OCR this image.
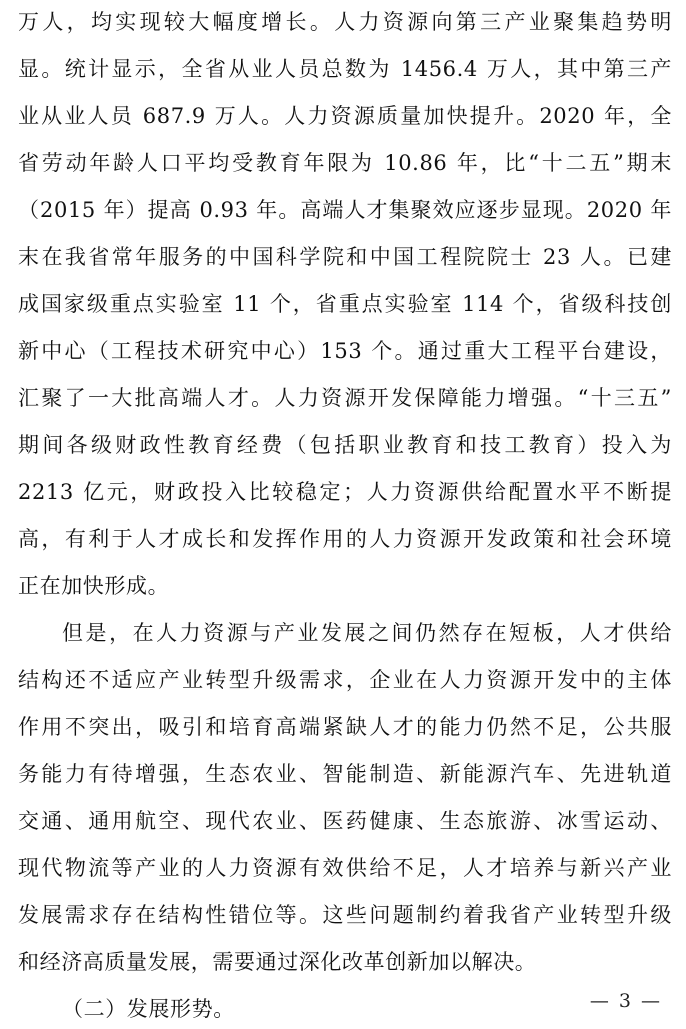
万人，均实现较大幅度增长。人力资源向第三产业聚集趋势明
显。统计显示，全省从业人员总数为 1456.4 万人，其中第三产
业从业人员 687.9 万人。人力资源质量加快提升。2020 年，全
省劳动年龄人口平均受教育年限为 10.86 年，比“十二五”期末
（2015 年）提高 0.93 年。高端人才集聚效应逐步显现。2020 年
末在我省常年服务的中国科学院和中国工程院院士 23 人。已建
成国家级重点实验室 11 个，省重点实验室 114 个，省级科技创
新中心（工程技术研究中心）153 个。通过重大工程平台建设，
汇聚了一大批高端人才。人力资源开发保障能力增强。“十三五”
期间各级财政性教育经费（包括职业教育和技工教育）投入为
2213 亿元，财政投入比较稳定；人力资源供给配置水平不断提
高，有利于人才成长和发挥作用的人力资源开发政策和社会环境
正在加快形成。
但是，在人力资源与产业发展之间仍然存在短板，人才供给
结构还不适应产业转型升级需求，企业在人力资源开发中的主体
作用不突出，吸引和培育高端紧缺人才的能力仍然不足，公共服
务能力有待增强，生态农业、智能制造、新能源汽车、先进轨道
交通、通用航空、现代农业、医药健康、生态旅游、冰雪运动、
现代物流等产业的人力资源有效供给不足，人才培养与新兴产业
发展需求存在结构性错位等。这些问题制约着我省产业转型升级
和经济高质量发展，需要通过深化改革创新加以解决。
（二）发展形势。	— 3 —
